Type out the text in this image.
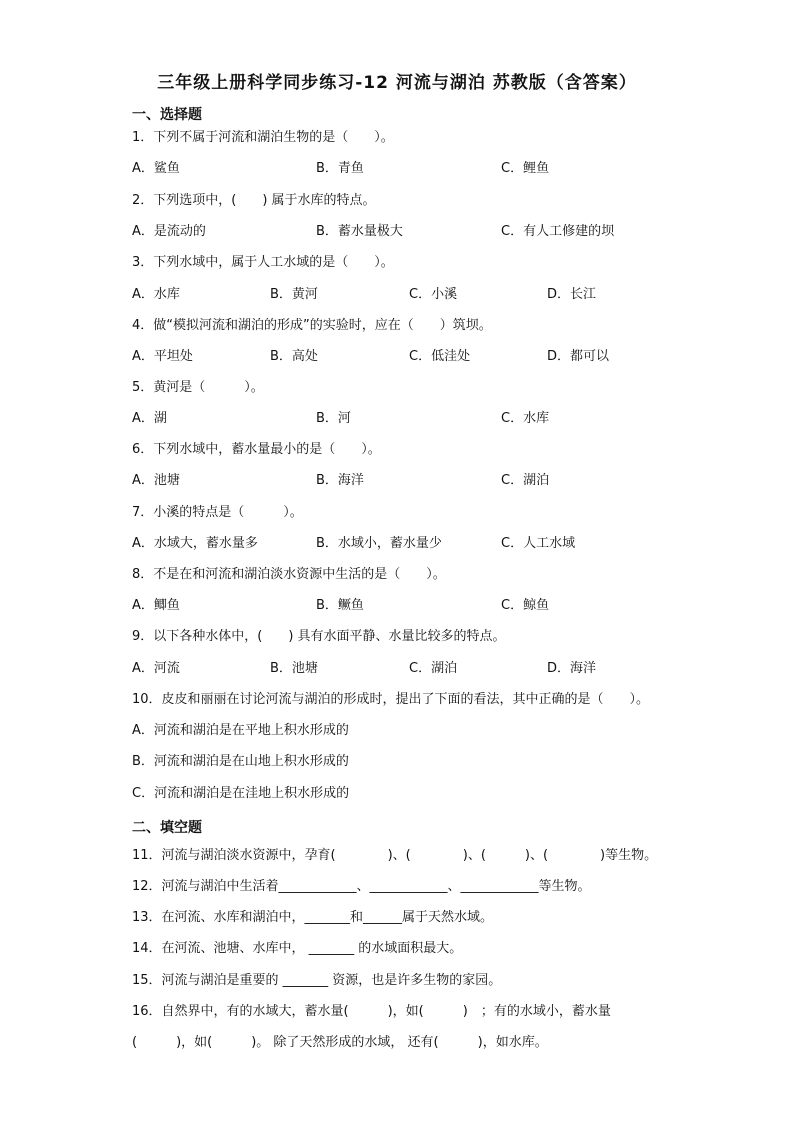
三年级上册科学同步练习-12 河流与湖泊 苏教版（含答案）
一、选择题
1．下列不属于河流和湖泊生物的是（　　）。
A．鲨鱼	B．青鱼	C．鲤鱼
2．下列选项中，(　　) 属于水库的特点。
A．是流动的	B．蓄水量极大	C．有人工修建的坝
3．下列水域中，属于人工水域的是（　　）。
A．水库	B．黄河	C．小溪	D．长江
4．做“模拟河流和湖泊的形成”的实验时，应在（　　）筑坝。
A．平坦处	B．高处	C．低洼处	D．都可以
5．黄河是（　　　）。
A．湖	B．河	C．水库
6．下列水域中，蓄水量最小的是（　　）。
A．池塘	B．海洋	C．湖泊
7．小溪的特点是（　　　）。
A．水域大，蓄水量多	B．水域小，蓄水量少	C．人工水域
8．不是在和河流和湖泊淡水资源中生活的是（　　）。
A．鲫鱼	B．鳜鱼	C．鲸鱼
9．以下各种水体中，(　　) 具有水面平静、水量比较多的特点。
A．河流	B．池塘	C．湖泊	D．海洋
10．皮皮和丽丽在讨论河流与湖泊的形成时，提出了下面的看法，其中正确的是（　　）。
A．河流和湖泊是在平地上积水形成的
B．河流和湖泊是在山地上积水形成的
C．河流和湖泊是在洼地上积水形成的
二、填空题
11．河流与湖泊淡水资源中，孕育(　　　　)、(　　　　)、(　　　)、(　　　　)等生物。
12．河流与湖泊中生活着____________、____________、____________等生物。
13．在河流、水库和湖泊中，_______和______属于天然水域。
14．在河流、池塘、水库中， _______ 的水域面积最大。
15．河流与湖泊是重要的 _______ 资源，也是许多生物的家园。
16．自然界中，有的水域大，蓄水量(　　　)，如(　　　)　；有的水域小，蓄水量
(　　　)，如(　　　)。 除了天然形成的水域， 还有(　　　)，如水库。
